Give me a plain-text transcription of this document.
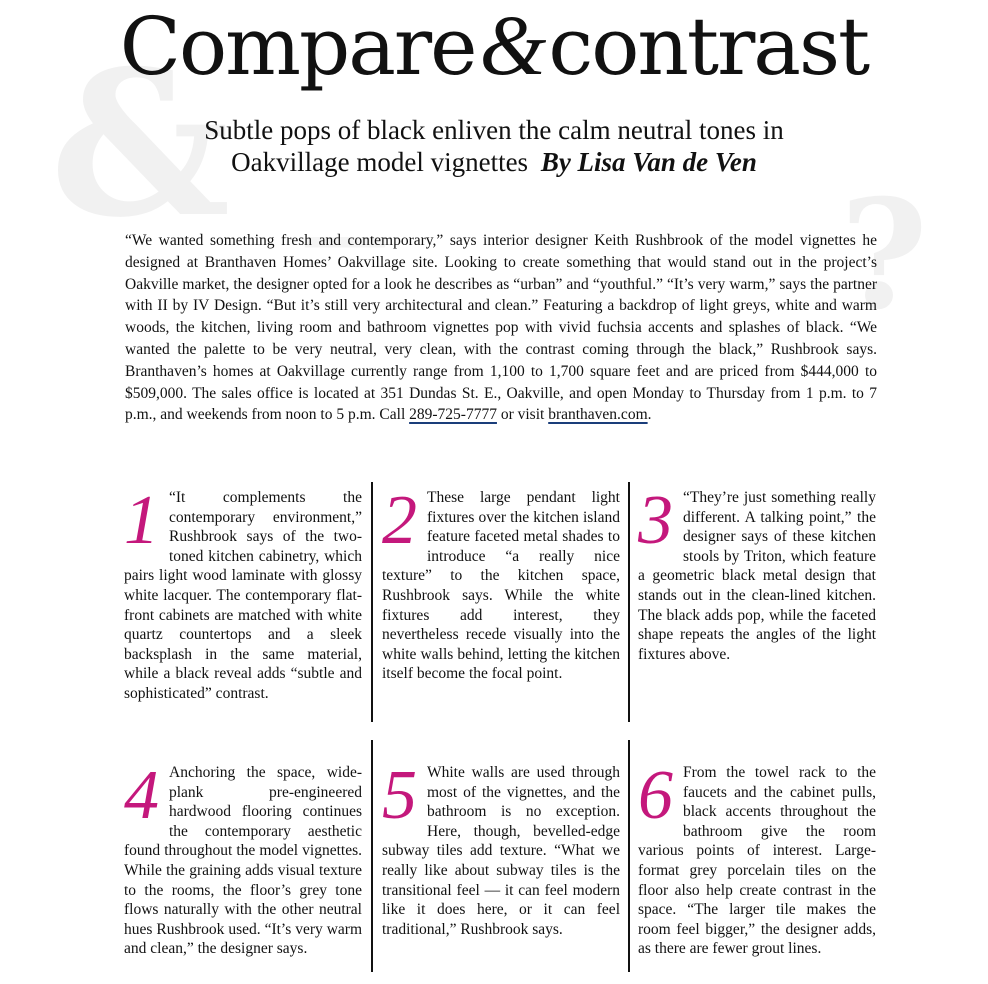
&	?
—
Compare&contrast

Subtle pops of black enliven the calm neutral tones in Oakvillage model vignettes By Lisa Van de Ven

“We wanted something fresh and contemporary,” says interior designer Keith Rushbrook of the model vignettes he designed at Branthaven Homes’ Oakvillage site. Looking to create something that would stand out in the project’s Oakville market, the designer opted for a look he describes as “urban” and “youthful.” “It’s very warm,” says the partner with II by IV Design. “But it’s still very architectural and clean.” Featuring a backdrop of light greys, white and warm woods, the kitchen, living room and bathroom vignettes pop with vivid fuchsia accents and splashes of black. “We wanted the palette to be very neutral, very clean, with the contrast coming through the black,” Rushbrook says. Branthaven’s homes at Oakvillage currently range from 1,100 to 1,700 square feet and are priced from $444,000 to $509,000. The sales office is located at 351 Dundas St. E., Oakville, and open Monday to Thursday from 1 p.m. to 7 p.m., and weekends from noon to 5 p.m. Call 289-725-7777 or visit branthaven.com.

1 “It complements the contemporary environment,” Rushbrook says of the two-toned kitchen cabinetry, which pairs light wood laminate with glossy white lacquer. The contemporary flat-front cabinets are matched with white quartz countertops and a sleek backsplash in the same material, while a black reveal adds “subtle and sophisticated” contrast.

2 These large pendant light fixtures over the kitchen island feature faceted metal shades to introduce “a really nice texture” to the kitchen space, Rushbrook says. While the white fixtures add interest, they nevertheless recede visually into the white walls behind, letting the kitchen itself become the focal point.

3 “They’re just something really different. A talking point,” the designer says of these kitchen stools by Triton, which feature a geometric black metal design that stands out in the clean-lined kitchen. The black adds pop, while the faceted shape repeats the angles of the light fixtures above.

4 Anchoring the space, wide-plank pre-engineered hardwood flooring continues the contemporary aesthetic found throughout the model vignettes. While the graining adds visual texture to the rooms, the floor’s grey tone flows naturally with the other neutral hues Rushbrook used. “It’s very warm and clean,” the designer says.

5 White walls are used through most of the vignettes, and the bathroom is no exception. Here, though, bevelled-edge subway tiles add texture. “What we really like about subway tiles is the transitional feel — it can feel modern like it does here, or it can feel traditional,” Rushbrook says.

6 From the towel rack to the faucets and the cabinet pulls, black accents throughout the bathroom give the room various points of interest. Large-format grey porcelain tiles on the floor also help create contrast in the space. “The larger tile makes the room feel bigger,” the designer adds, as there are fewer grout lines.
